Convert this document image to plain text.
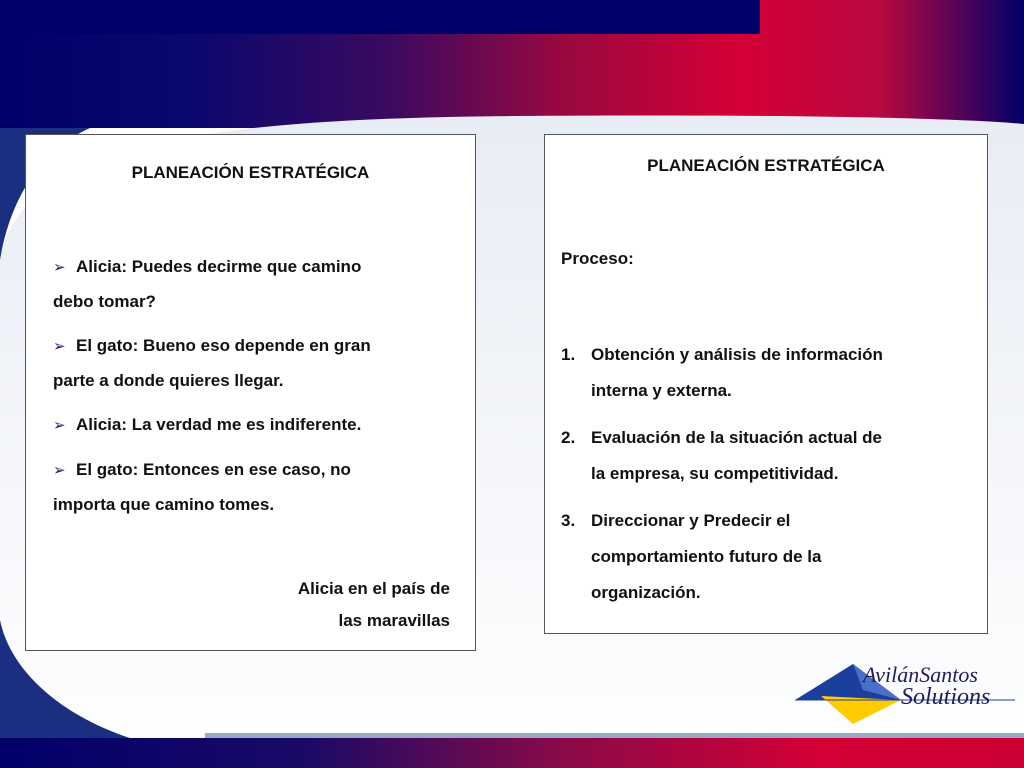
PLANEACIÓN ESTRATÉGICA

➢ Alicia: Puedes decirme que camino
debo tomar?

➢ El gato: Bueno eso depende en gran
parte a donde quieres llegar.

➢ Alicia: La verdad me es indiferente.

➢ El gato: Entonces en ese caso, no
importa que camino tomes.

Alicia en el país de
las maravillas
PLANEACIÓN ESTRATÉGICA
Proceso:
1. Obtención y análisis de información
interna y externa.
2. Evaluación de la situación actual de
la empresa, su competitividad.
3. Direccionar y Predecir el
comportamiento futuro de la
organización.
AvilánSantos
Solutions
